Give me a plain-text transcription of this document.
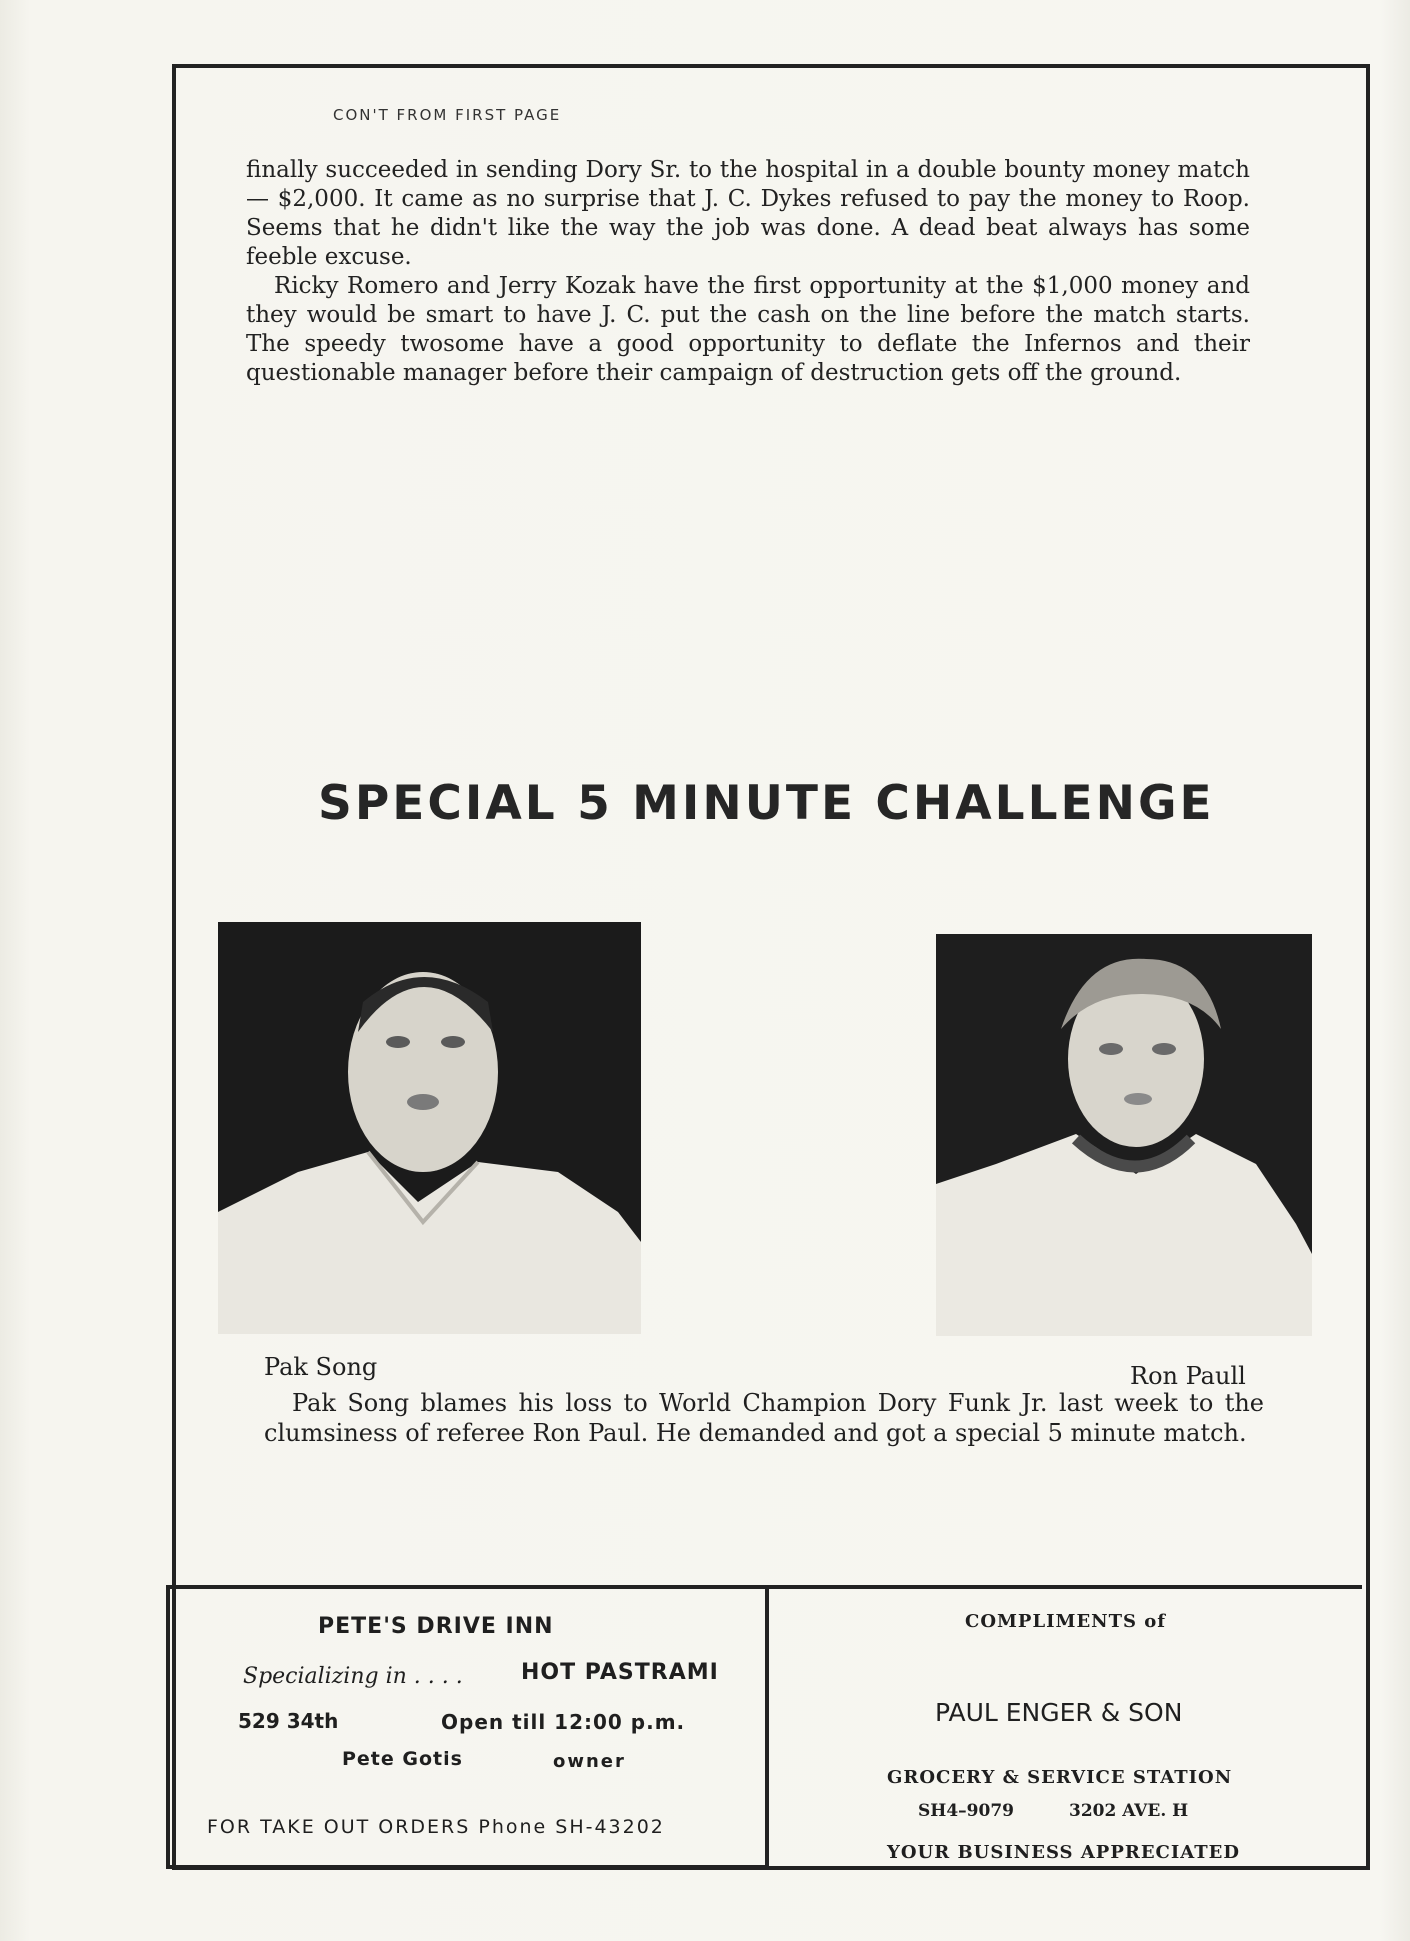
CON'T FROM FIRST PAGE

finally succeeded in sending Dory Sr. to the hospital in a double bounty money match — $2,000. It came as no surprise that J. C. Dykes refused to pay the money to Roop. Seems that he didn't like the way the job was done. A dead beat always has some feeble excuse.

Ricky Romero and Jerry Kozak have the first opportunity at the $1,000 money and they would be smart to have J. C. put the cash on the line before the match starts. The speedy twosome have a good opportunity to deflate the Infernos and their questionable manager before their campaign of destruction gets off the ground.

SPECIAL 5 MINUTE CHALLENGE
Pak Song	Ron Paull
Pak Song blames his loss to World Champion Dory Funk Jr. last week to the clumsiness of referee Ron Paul. He demanded and got a special 5 minute match.
PETE'S DRIVE INN
Specializing in . . . .	HOT PASTRAMI
529 34th	Open till 12:00 p.m.
Pete Gotis	owner
FOR TAKE OUT ORDERS Phone SH-43202
COMPLIMENTS of
PAUL ENGER & SON
GROCERY & SERVICE STATION
SH4–9079	3202 AVE. H
YOUR BUSINESS APPRECIATED
